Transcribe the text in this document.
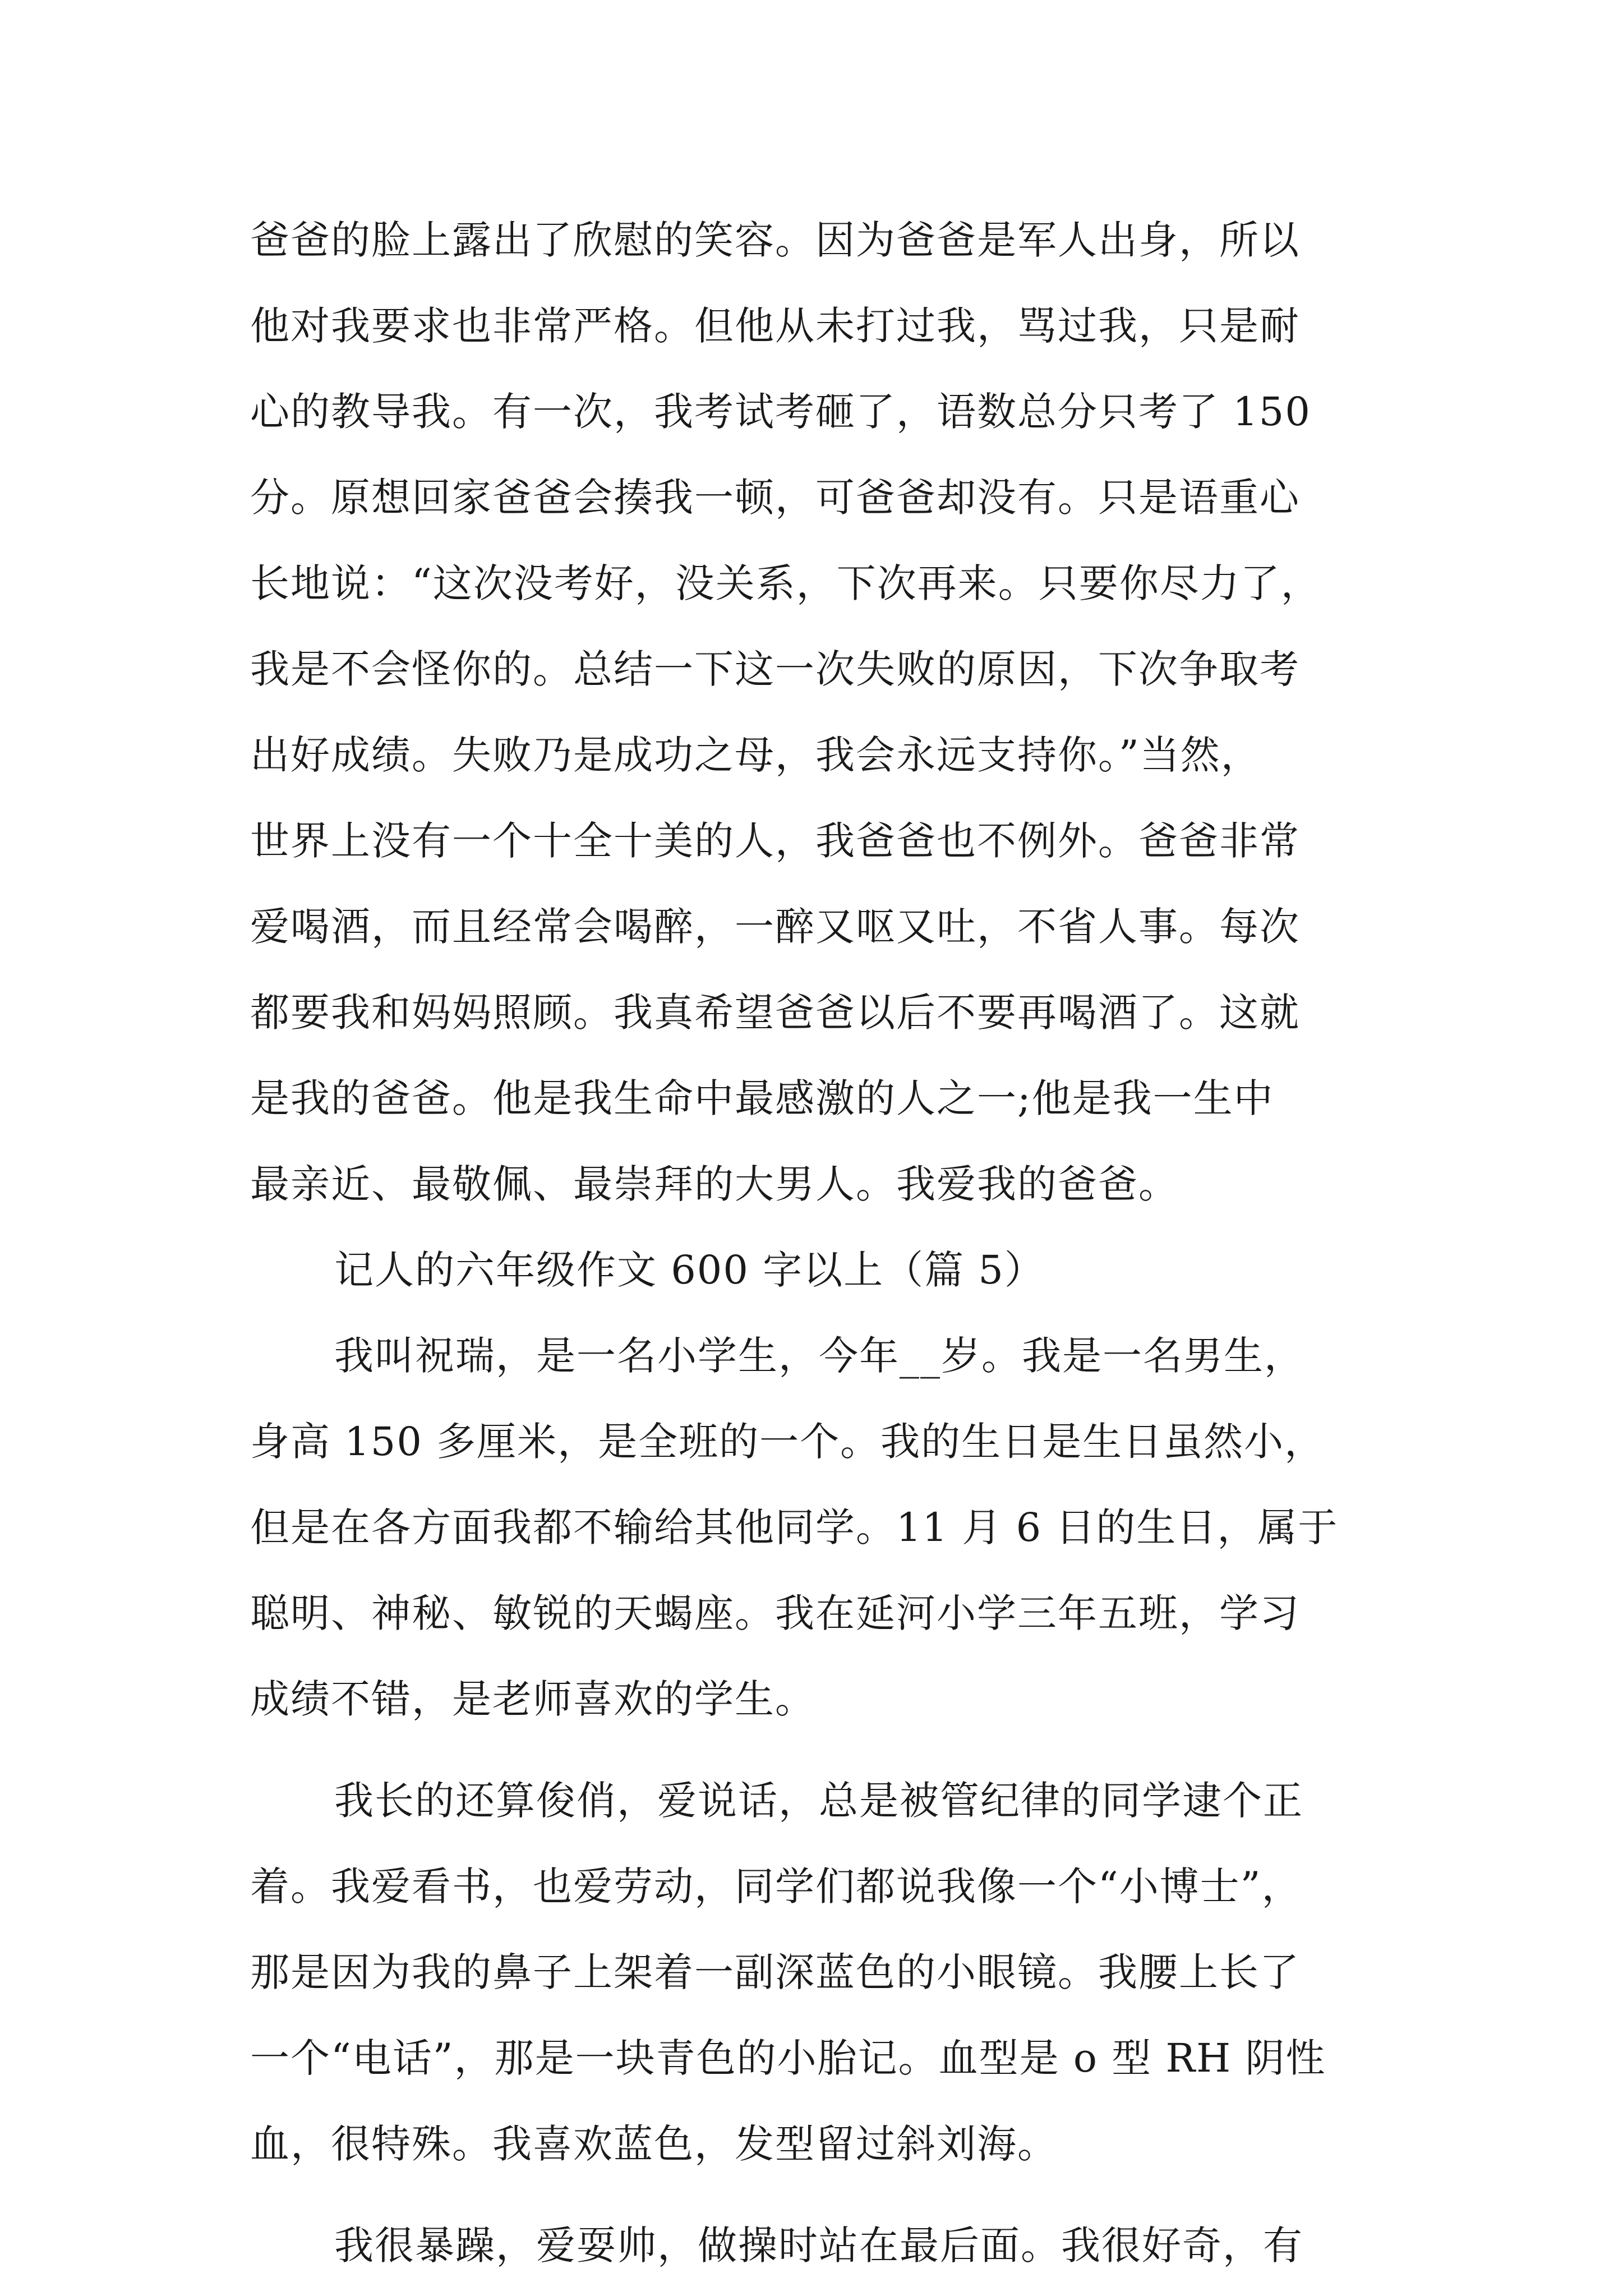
爸爸的脸上露出了欣慰的笑容。因为爸爸是军人出身，所以
他对我要求也非常严格。但他从未打过我，骂过我，只是耐
心的教导我。有一次，我考试考砸了，语数总分只考了 150
分。原想回家爸爸会揍我一顿，可爸爸却没有。只是语重心
长地说：“这次没考好，没关系，下次再来。只要你尽力了，
我是不会怪你的。总结一下这一次失败的原因，下次争取考
出好成绩。失败乃是成功之母，我会永远支持你。”当然，
世界上没有一个十全十美的人，我爸爸也不例外。爸爸非常
爱喝酒，而且经常会喝醉，一醉又呕又吐，不省人事。每次
都要我和妈妈照顾。我真希望爸爸以后不要再喝酒了。这就
是我的爸爸。他是我生命中最感激的人之一;他是我一生中
最亲近、最敬佩、最崇拜的大男人。我爱我的爸爸。
记人的六年级作文 600 字以上（篇 5）
我叫祝瑞，是一名小学生，今年__岁。我是一名男生，
身高 150 多厘米，是全班的一个。我的生日是生日虽然小，
但是在各方面我都不输给其他同学。11 月 6 日的生日，属于
聪明、神秘、敏锐的天蝎座。我在延河小学三年五班，学习
成绩不错，是老师喜欢的学生。
我长的还算俊俏，爱说话，总是被管纪律的同学逮个正
着。我爱看书，也爱劳动，同学们都说我像一个“小博士”，
那是因为我的鼻子上架着一副深蓝色的小眼镜。我腰上长了
一个“电话”，那是一块青色的小胎记。血型是 o 型 RH 阴性
血，很特殊。我喜欢蓝色，发型留过斜刘海。
我很暴躁，爱耍帅，做操时站在最后面。我很好奇，有
